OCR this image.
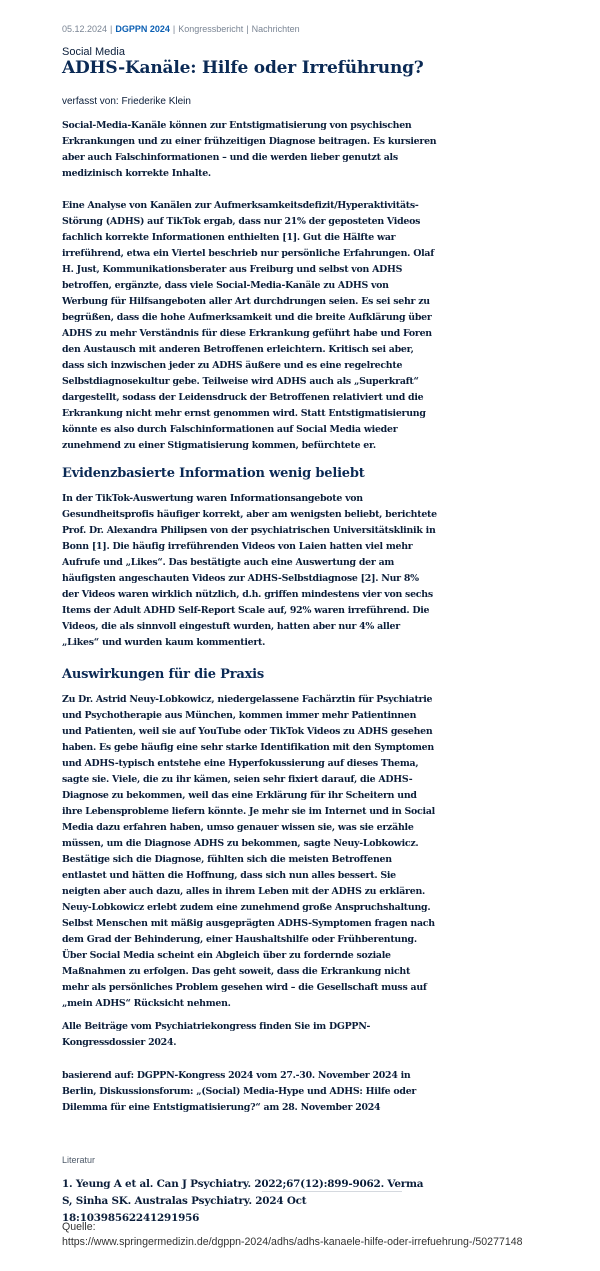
05.12.2024 | DGPPN 2024 | Kongressbericht | Nachrichten
Social Media
ADHS-Kanäle: Hilfe oder Irreführung?
verfasst von: Friederike Klein

Social-Media-Kanäle können zur Entstigmatisierung von psychischen Erkrankungen und zu einer frühzeitigen Diagnose beitragen. Es kursieren aber auch Falschinformationen – und die werden lieber genutzt als medizinisch korrekte Inhalte.

Eine Analyse von Kanälen zur Aufmerksamkeitsdefizit/Hyperaktivitäts-Störung (ADHS) auf TikTok ergab, dass nur 21% der geposteten Videos fachlich korrekte Informationen enthielten [1]. Gut die Hälfte war irreführend, etwa ein Viertel beschrieb nur persönliche Erfahrungen. Olaf H. Just, Kommunikationsberater aus Freiburg und selbst von ADHS betroffen, ergänzte, dass viele Social-Media-Kanäle zu ADHS von Werbung für Hilfsangeboten aller Art durchdrungen seien. Es sei sehr zu begrüßen, dass die hohe Aufmerksamkeit und die breite Aufklärung über ADHS zu mehr Verständnis für diese Erkrankung geführt habe und Foren den Austausch mit anderen Betroffenen erleichtern. Kritisch sei aber, dass sich inzwischen jeder zu ADHS äußere und es eine regelrechte Selbstdiagnosekultur gebe. Teilweise wird ADHS auch als „Superkraft“ dargestellt, sodass der Leidensdruck der Betroffenen relativiert und die Erkrankung nicht mehr ernst genommen wird. Statt Entstigmatisierung könnte es also durch Falschinformationen auf Social Media wieder zunehmend zu einer Stigmatisierung kommen, befürchtete er.

Evidenzbasierte Information wenig beliebt

In der TikTok-Auswertung waren Informationsangebote von Gesundheitsprofis häufiger korrekt, aber am wenigsten beliebt, berichtete Prof. Dr. Alexandra Philipsen von der psychiatrischen Universitätsklinik in Bonn [1]. Die häufig irreführenden Videos von Laien hatten viel mehr Aufrufe und „Likes“. Das bestätigte auch eine Auswertung der am häufigsten angeschauten Videos zur ADHS-Selbstdiagnose [2]. Nur 8% der Videos waren wirklich nützlich, d.h. griffen mindestens vier von sechs Items der Adult ADHD Self-Report Scale auf, 92% waren irreführend. Die Videos, die als sinnvoll eingestuft wurden, hatten aber nur 4% aller „Likes“ und wurden kaum kommentiert.

Auswirkungen für die Praxis

Zu Dr. Astrid Neuy-Lobkowicz, niedergelassene Fachärztin für Psychiatrie und Psychotherapie aus München, kommen immer mehr Patientinnen und Patienten, weil sie auf YouTube oder TikTok Videos zu ADHS gesehen haben. Es gebe häufig eine sehr starke Identifikation mit den Symptomen und ADHS-typisch entstehe eine Hyperfokussierung auf dieses Thema, sagte sie. Viele, die zu ihr kämen, seien sehr fixiert darauf, die ADHS-Diagnose zu bekommen, weil das eine Erklärung für ihr Scheitern und ihre Lebensprobleme liefern könnte. Je mehr sie im Internet und in Social Media dazu erfahren haben, umso genauer wissen sie, was sie erzähle müssen, um die Diagnose ADHS zu bekommen, sagte Neuy-Lobkowicz. Bestätige sich die Diagnose, fühlten sich die meisten Betroffenen entlastet und hätten die Hoffnung, dass sich nun alles bessert. Sie neigten aber auch dazu, alles in ihrem Leben mit der ADHS zu erklären. Neuy-Lobkowicz erlebt zudem eine zunehmend große Anspruchshaltung. Selbst Menschen mit mäßig ausgeprägten ADHS-Symptomen fragen nach dem Grad der Behinderung, einer Haushaltshilfe oder Frühberentung. Über Social Media scheint ein Abgleich über zu fordernde soziale Maßnahmen zu erfolgen. Das geht soweit, dass die Erkrankung nicht mehr als persönliches Problem gesehen wird – die Gesellschaft muss auf „mein ADHS“ Rücksicht nehmen.

Alle Beiträge vom Psychiatriekongress finden Sie im DGPPN-Kongressdossier 2024.

basierend auf: DGPPN-Kongress 2024 vom 27.-30. November 2024 in Berlin, Diskussionsforum: „(Social) Media-Hype und ADHS: Hilfe oder Dilemma für eine Entstigmatisierung?“ am 28. November 2024

Literatur

1. Yeung A et al. Can J Psychiatry. 2022;67(12):899-9062. Verma S, Sinha SK. Australas Psychiatry. 2024 Oct 18:10398562241291956

Quelle:
https://www.springermedizin.de/dgppn-2024/adhs/adhs-kanaele-hilfe-oder-irrefuehrung-/50277148
